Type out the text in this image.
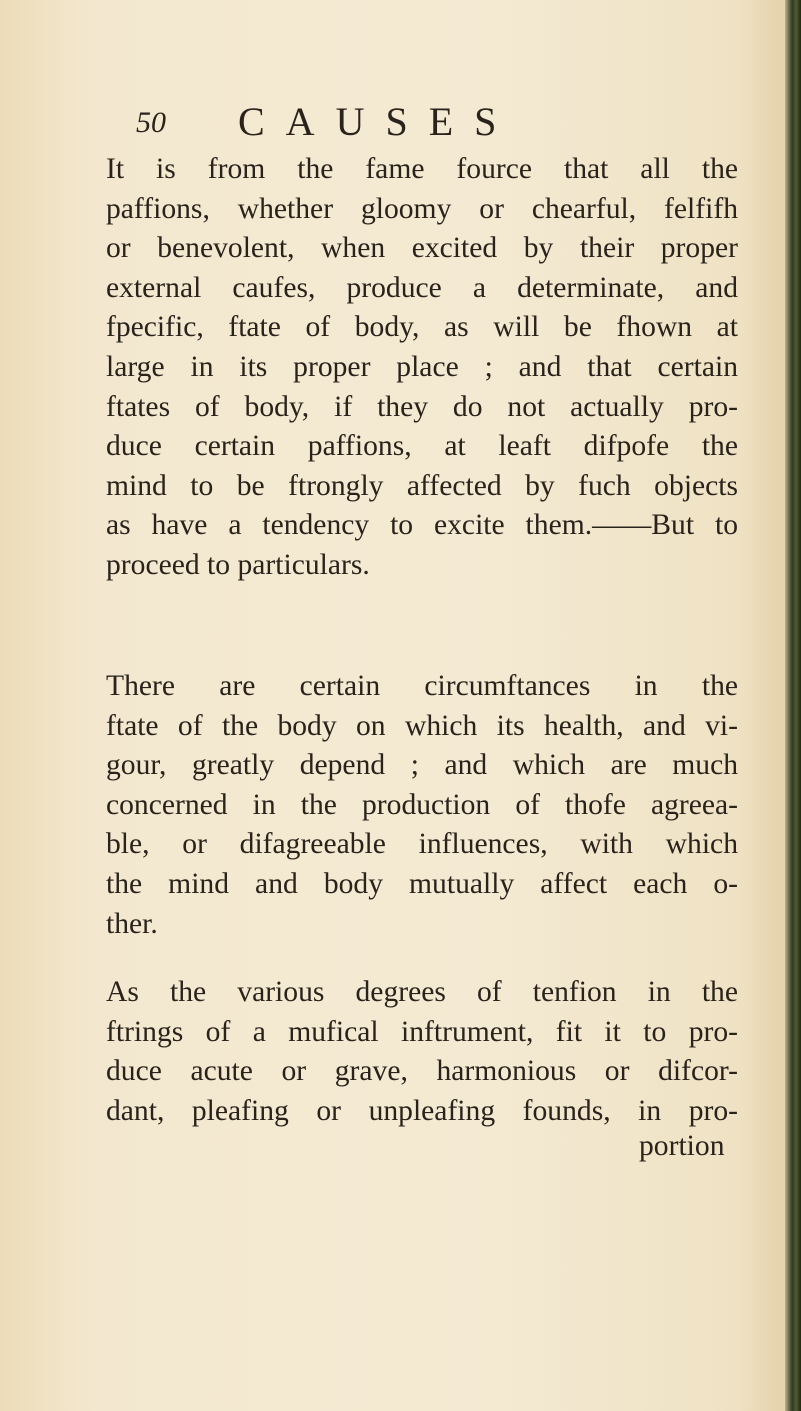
50 CAUSES
It is from the fame fource that all the
paffions, whether gloomy or chearful, felfifh
or benevolent, when excited by their proper
external caufes, produce a determinate, and
fpecific, ftate of body, as will be fhown at
large in its proper place ; and that certain
ftates of body, if they do not actually pro-
duce certain paffions, at leaft difpofe the
mind to be ftrongly affected by fuch objects
as have a tendency to excite them.——But to
proceed to particulars.
There are certain circumftances in the
ftate of the body on which its health, and vi-
gour, greatly depend ; and which are much
concerned in the production of thofe agreea-
ble, or difagreeable influences, with which
the mind and body mutually affect each o-
ther.
As the various degrees of tenfion in the
ftrings of a mufical inftrument, fit it to pro-
duce acute or grave, harmonious or difcor-
dant, pleafing or unpleafing founds, in pro-
portion
